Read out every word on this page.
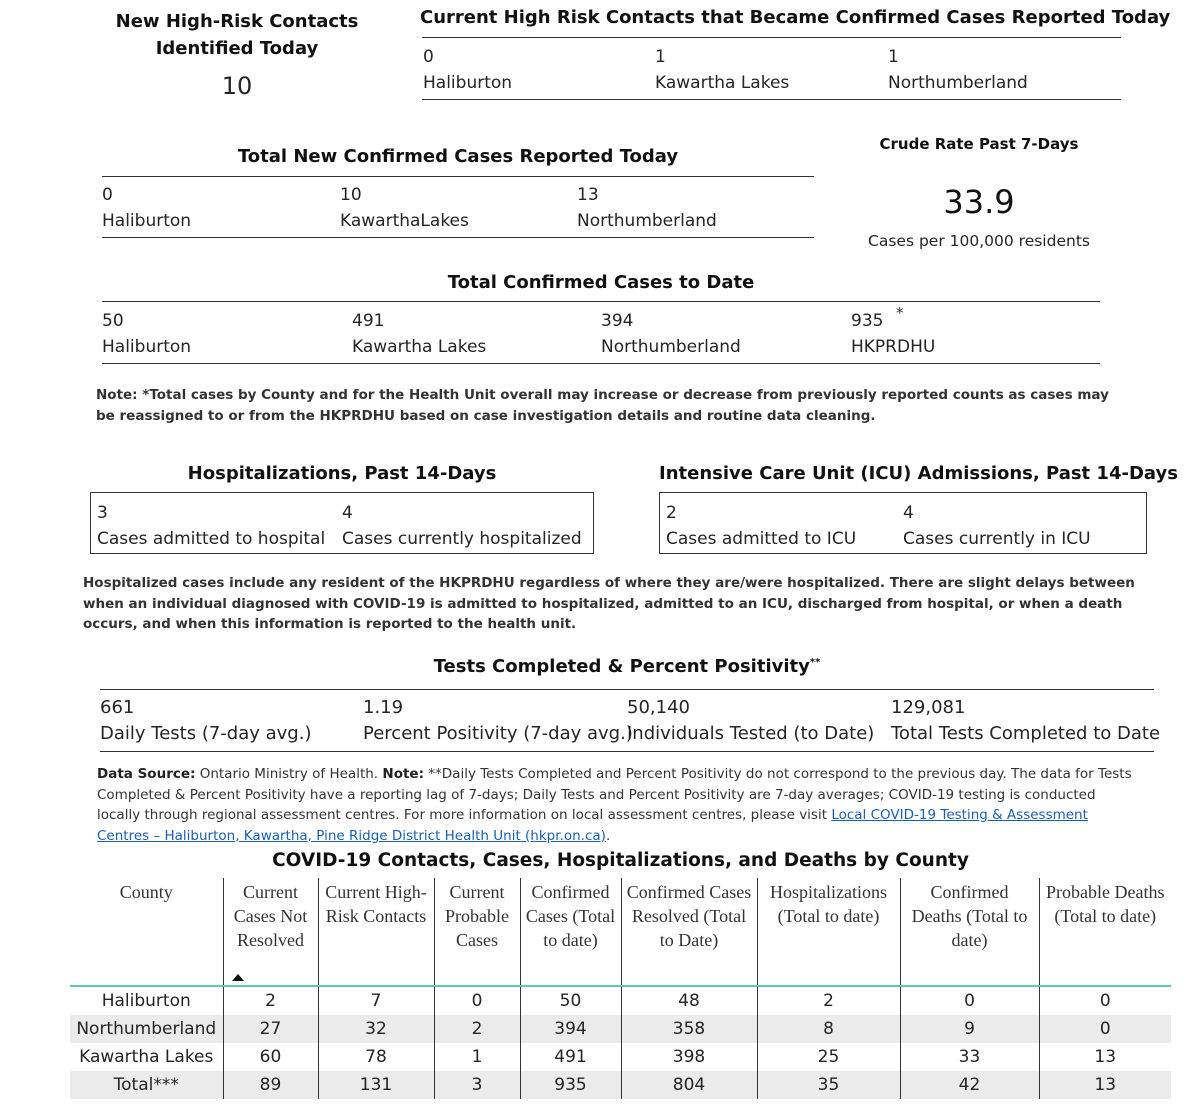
New High-Risk Contacts
Identified Today
10
Current High Risk Contacts that Became Confirmed Cases Reported Today
0
Haliburton
1
Kawartha Lakes
1
Northumberland
Total New Confirmed Cases Reported Today
0
Haliburton
10
KawarthaLakes
13
Northumberland
Crude Rate Past 7-Days
33.9
Cases per 100,000 residents
Total Confirmed Cases to Date
50
Haliburton
491
Kawartha Lakes
394
Northumberland
935
HKPRDHU
*
Note: *Total cases by County and for the Health Unit overall may increase or decrease from previously reported counts as cases may be reassigned to or from the HKPRDHU based on case investigation details and routine data cleaning.
Hospitalizations, Past 14-Days
3
Cases admitted to hospital
4
Cases currently hospitalized
Intensive Care Unit (ICU) Admissions, Past 14-Days
2
Cases admitted to ICU
4
Cases currently in ICU
Hospitalized cases include any resident of the HKPRDHU regardless of where they are/were hospitalized. There are slight delays between when an individual diagnosed with COVID-19 is admitted to hospitalized, admitted to an ICU, discharged from hospital, or when a death occurs, and when this information is reported to the health unit.
Tests Completed & Percent Positivity**
661
Daily Tests (7-day avg.)
1.19
Percent Positivity (7-day avg.)
50,140
Individuals Tested (to Date)
129,081
Total Tests Completed to Date
Data Source: Ontario Ministry of Health. Note: **Daily Tests Completed and Percent Positivity do not correspond to the previous day. The data for Tests Completed & Percent Positivity have a reporting lag of 7-days; Daily Tests and Percent Positivity are 7-day averages; COVID-19 testing is conducted locally through regional assessment centres. For more information on local assessment centres, please visit Local COVID-19 Testing & Assessment Centres – Haliburton, Kawartha, Pine Ridge District Health Unit (hkpr.on.ca).
COVID-19 Contacts, Cases, Hospitalizations, and Deaths by County
County	Current Cases Not Resolved	Current High-Risk Contacts	Current Probable Cases	Confirmed Cases (Total to date)	Confirmed Cases Resolved (Total to Date)	Hospitalizations (Total to date)	Confirmed Deaths (Total to date)	Probable Deaths (Total to date)
Haliburton	2	7	0	50	48	2	0	0
Northumberland	27	32	2	394	358	8	9	0
Kawartha Lakes	60	78	1	491	398	25	33	13
Total***	89	131	3	935	804	35	42	13
